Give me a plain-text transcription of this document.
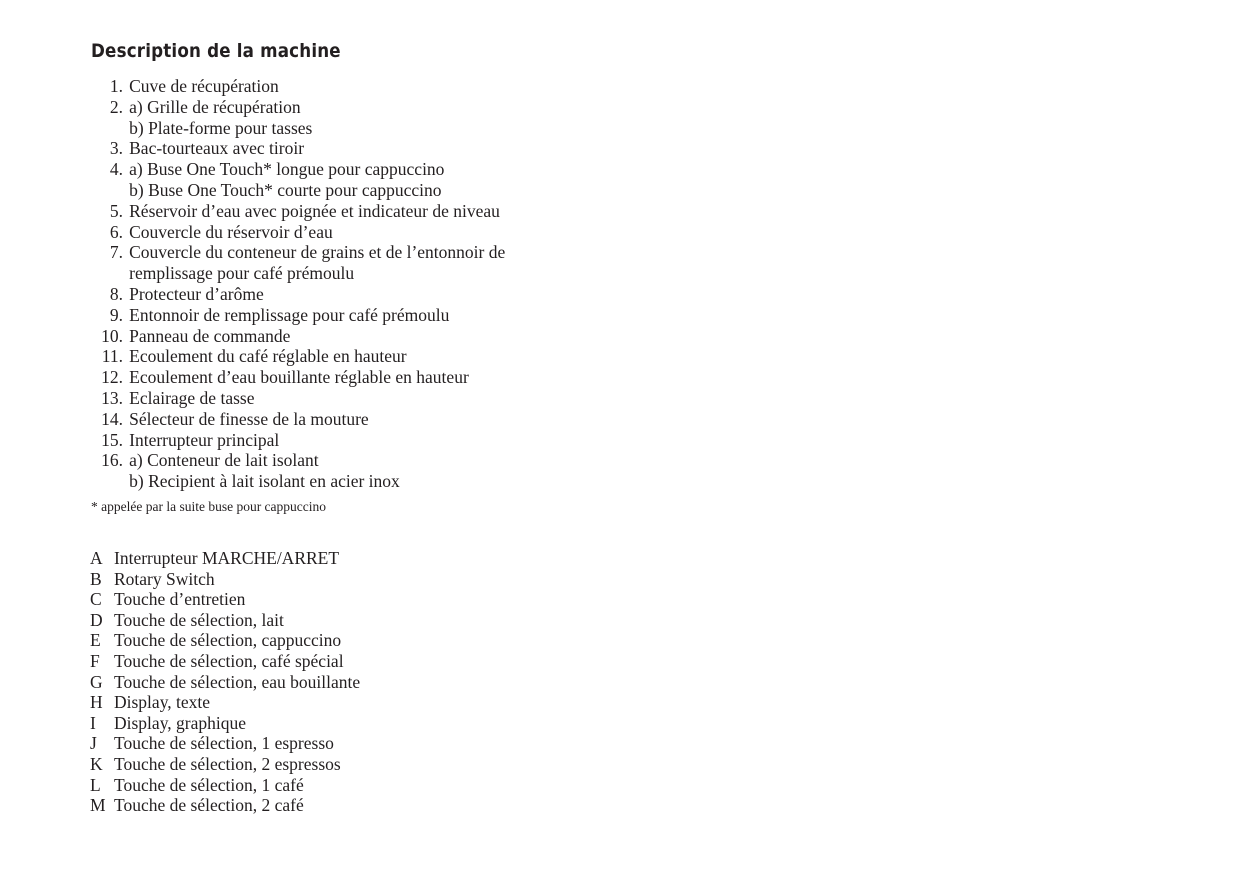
Description de la machine
1. Cuve de récupération
2. a) Grille de récupération
b) Plate-forme pour tasses
3. Bac-tourteaux avec tiroir
4. a) Buse One Touch* longue pour cappuccino
b) Buse One Touch* courte pour cappuccino
5. Réservoir d’eau avec poignée et indicateur de niveau
6. Couvercle du réservoir d’eau
7. Couvercle du conteneur de grains et de l’entonnoir de
remplissage pour café prémoulu
8. Protecteur d’arôme
9. Entonnoir de remplissage pour café prémoulu
10. Panneau de commande
11. Ecoulement du café réglable en hauteur
12. Ecoulement d’eau bouillante réglable en hauteur
13. Eclairage de tasse
14. Sélecteur de finesse de la mouture
15. Interrupteur principal
16. a) Conteneur de lait isolant
b) Recipient à lait isolant en acier inox

* appelée par la suite buse pour cappuccino

A Interrupteur MARCHE/ARRET
B Rotary Switch
C Touche d’entretien
D Touche de sélection, lait
E Touche de sélection, cappuccino
F Touche de sélection, café spécial
G Touche de sélection, eau bouillante
H Display, texte
I	Display, graphique
J Touche de sélection, 1 espresso
K Touche de sélection, 2 espressos
L Touche de sélection, 1 café
M Touche de sélection, 2 café
